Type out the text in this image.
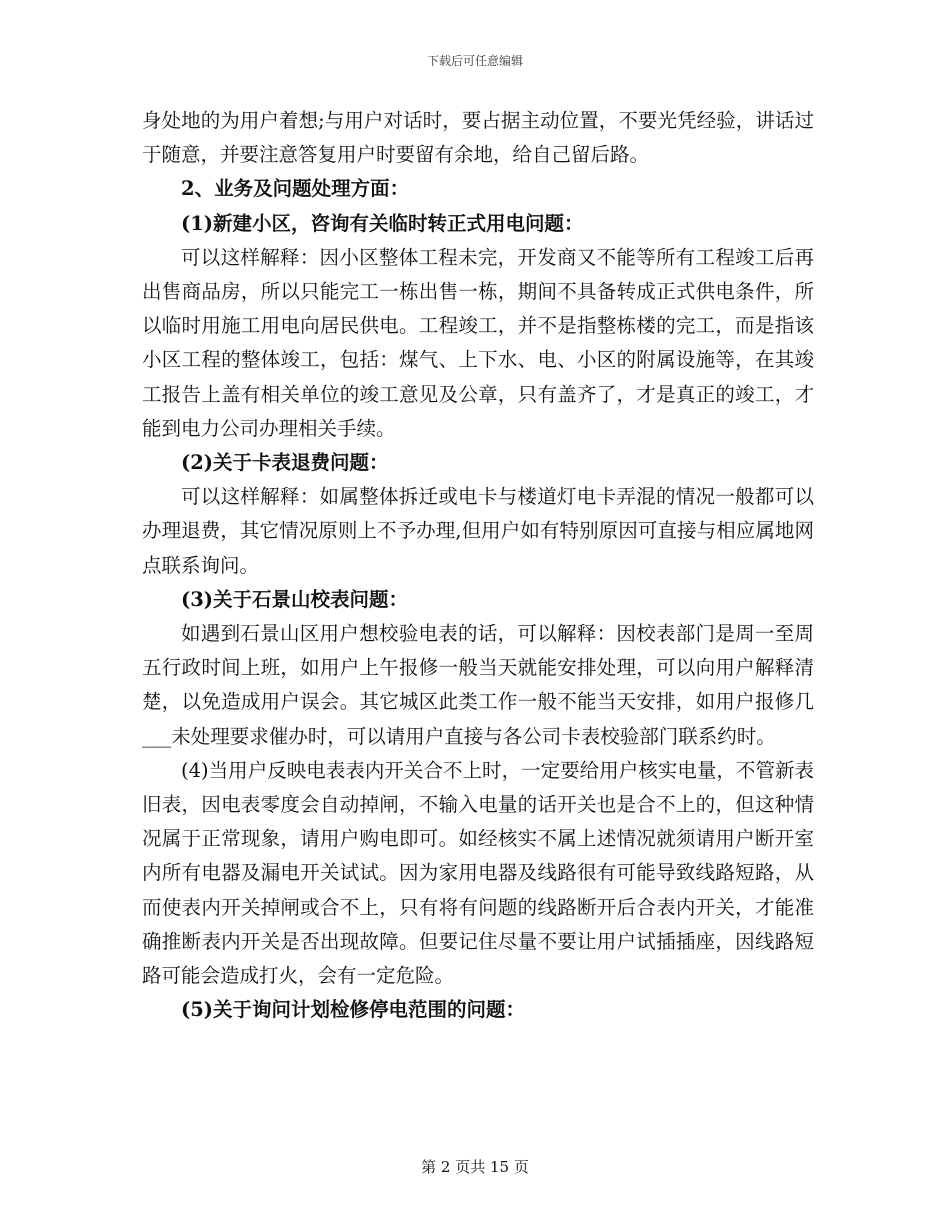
下载后可任意编辑

身处地的为用户着想;与用户对话时，要占据主动位置，不要光凭经验，讲话过于随意，并要注意答复用户时要留有余地，给自己留后路。

2、业务及问题处理方面：

(1)新建小区，咨询有关临时转正式用电问题：

可以这样解释：因小区整体工程未完，开发商又不能等所有工程竣工后再出售商品房，所以只能完工一栋出售一栋，期间不具备转成正式供电条件，所以临时用施工用电向居民供电。工程竣工，并不是指整栋楼的完工，而是指该小区工程的整体竣工，包括：煤气、上下水、电、小区的附属设施等，在其竣工报告上盖有相关单位的竣工意见及公章，只有盖齐了，才是真正的竣工，才能到电力公司办理相关手续。

(2)关于卡表退费问题：

可以这样解释：如属整体拆迁或电卡与楼道灯电卡弄混的情况一般都可以办理退费，其它情况原则上不予办理,但用户如有特别原因可直接与相应属地网点联系询问。

(3)关于石景山校表问题：

如遇到石景山区用户想校验电表的话，可以解释：因校表部门是周一至周五行政时间上班，如用户上午报修一般当天就能安排处理，可以向用户解释清楚，以免造成用户误会。其它城区此类工作一般不能当天安排，如用户报修几___未处理要求催办时，可以请用户直接与各公司卡表校验部门联系约时。

(4)当用户反映电表表内开关合不上时，一定要给用户核实电量，不管新表旧表，因电表零度会自动掉闸，不输入电量的话开关也是合不上的，但这种情况属于正常现象，请用户购电即可。如经核实不属上述情况就须请用户断开室内所有电器及漏电开关试试。因为家用电器及线路很有可能导致线路短路，从而使表内开关掉闸或合不上，只有将有问题的线路断开后合表内开关，才能准确推断表内开关是否出现故障。但要记住尽量不要让用户试插插座，因线路短路可能会造成打火，会有一定危险。

(5)关于询问计划检修停电范围的问题：

第 2 页共 15 页
